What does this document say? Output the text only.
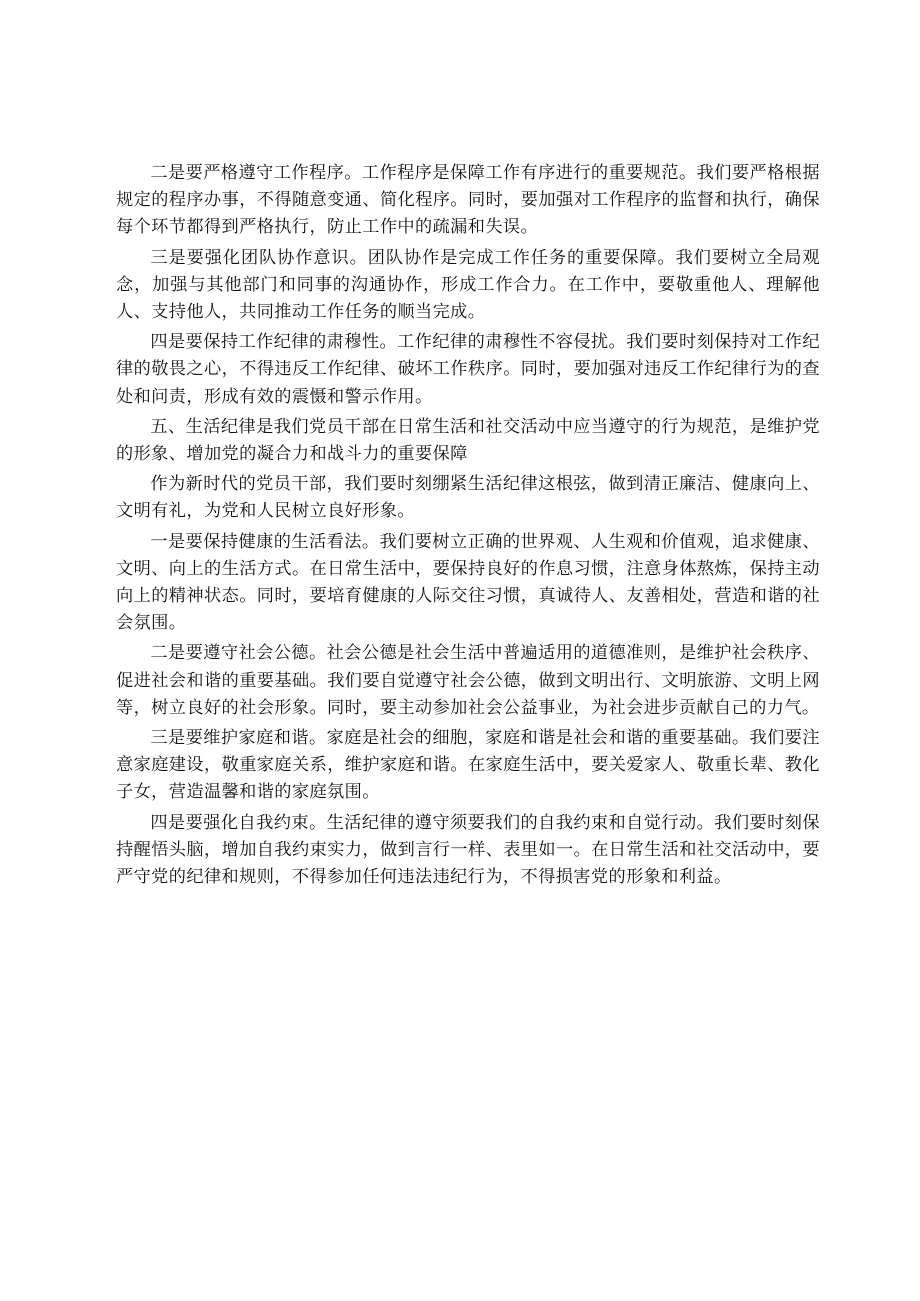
二是要严格遵守工作程序。工作程序是保障工作有序进行的重要规范。我们要严格根据规定的程序办事，不得随意变通、简化程序。同时，要加强对工作程序的监督和执行，确保每个环节都得到严格执行，防止工作中的疏漏和失误。

三是要强化团队协作意识。团队协作是完成工作任务的重要保障。我们要树立全局观念，加强与其他部门和同事的沟通协作，形成工作合力。在工作中，要敬重他人、理解他人、支持他人，共同推动工作任务的顺当完成。

四是要保持工作纪律的肃穆性。工作纪律的肃穆性不容侵扰。我们要时刻保持对工作纪律的敬畏之心，不得违反工作纪律、破坏工作秩序。同时，要加强对违反工作纪律行为的查处和问责，形成有效的震慑和警示作用。

五、生活纪律是我们党员干部在日常生活和社交活动中应当遵守的行为规范，是维护党的形象、增加党的凝合力和战斗力的重要保障

作为新时代的党员干部，我们要时刻绷紧生活纪律这根弦，做到清正廉洁、健康向上、文明有礼，为党和人民树立良好形象。

一是要保持健康的生活看法。我们要树立正确的世界观、人生观和价值观，追求健康、文明、向上的生活方式。在日常生活中，要保持良好的作息习惯，注意身体熬炼，保持主动向上的精神状态。同时，要培育健康的人际交往习惯，真诚待人、友善相处，营造和谐的社会氛围。

二是要遵守社会公德。社会公德是社会生活中普遍适用的道德准则，是维护社会秩序、促进社会和谐的重要基础。我们要自觉遵守社会公德，做到文明出行、文明旅游、文明上网等，树立良好的社会形象。同时，要主动参加社会公益事业，为社会进步贡献自己的力气。

三是要维护家庭和谐。家庭是社会的细胞，家庭和谐是社会和谐的重要基础。我们要注意家庭建设，敬重家庭关系，维护家庭和谐。在家庭生活中，要关爱家人、敬重长辈、教化子女，营造温馨和谐的家庭氛围。

四是要强化自我约束。生活纪律的遵守须要我们的自我约束和自觉行动。我们要时刻保持醒悟头脑，增加自我约束实力，做到言行一样、表里如一。在日常生活和社交活动中，要严守党的纪律和规则，不得参加任何违法违纪行为，不得损害党的形象和利益。
